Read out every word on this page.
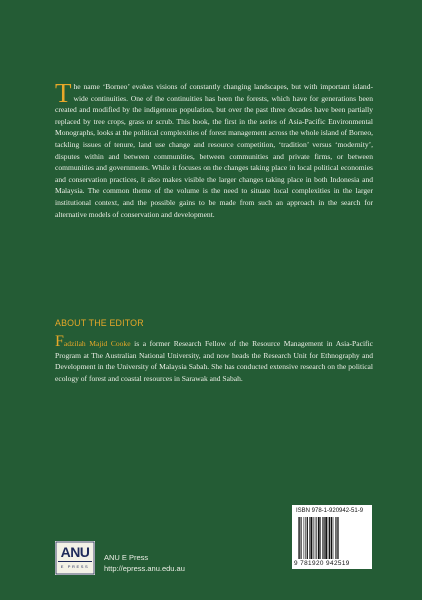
The name ‘Borneo’ evokes visions of constantly changing landscapes, but with important island-wide continuities. One of the continuities has been the forests, which have for generations been created and modified by the indigenous population, but over the past three decades have been partially replaced by tree crops, grass or scrub. This book, the first in the series of Asia-Pacific Environmental Monographs, looks at the political complexities of forest management across the whole island of Borneo, tackling issues of tenure, land use change and resource competition, ‘tradition’ versus ‘modernity’, disputes within and between communities, between communities and private firms, or between communities and governments. While it focuses on the changes taking place in local political economies and conservation practices, it also makes visible the larger changes taking place in both Indonesia and Malaysia. The common theme of the volume is the need to situate local complexities in the larger institutional context, and the possible gains to be made from such an approach in the search for alternative models of conservation and development.

ABOUT THE EDITOR

Fadzilah Majid Cooke is a former Research Fellow of the Resource Management in Asia-Pacific Program at The Australian National University, and now heads the Research Unit for Ethnography and Development in the University of Malaysia Sabah. She has conducted extensive research on the political ecology of forest and coastal resources in Sarawak and Sabah.

ISBN 978-1-920942-51-9
9 781920 942519
ANU
E PRESS

ANU E Press

http://epress.anu.edu.au
